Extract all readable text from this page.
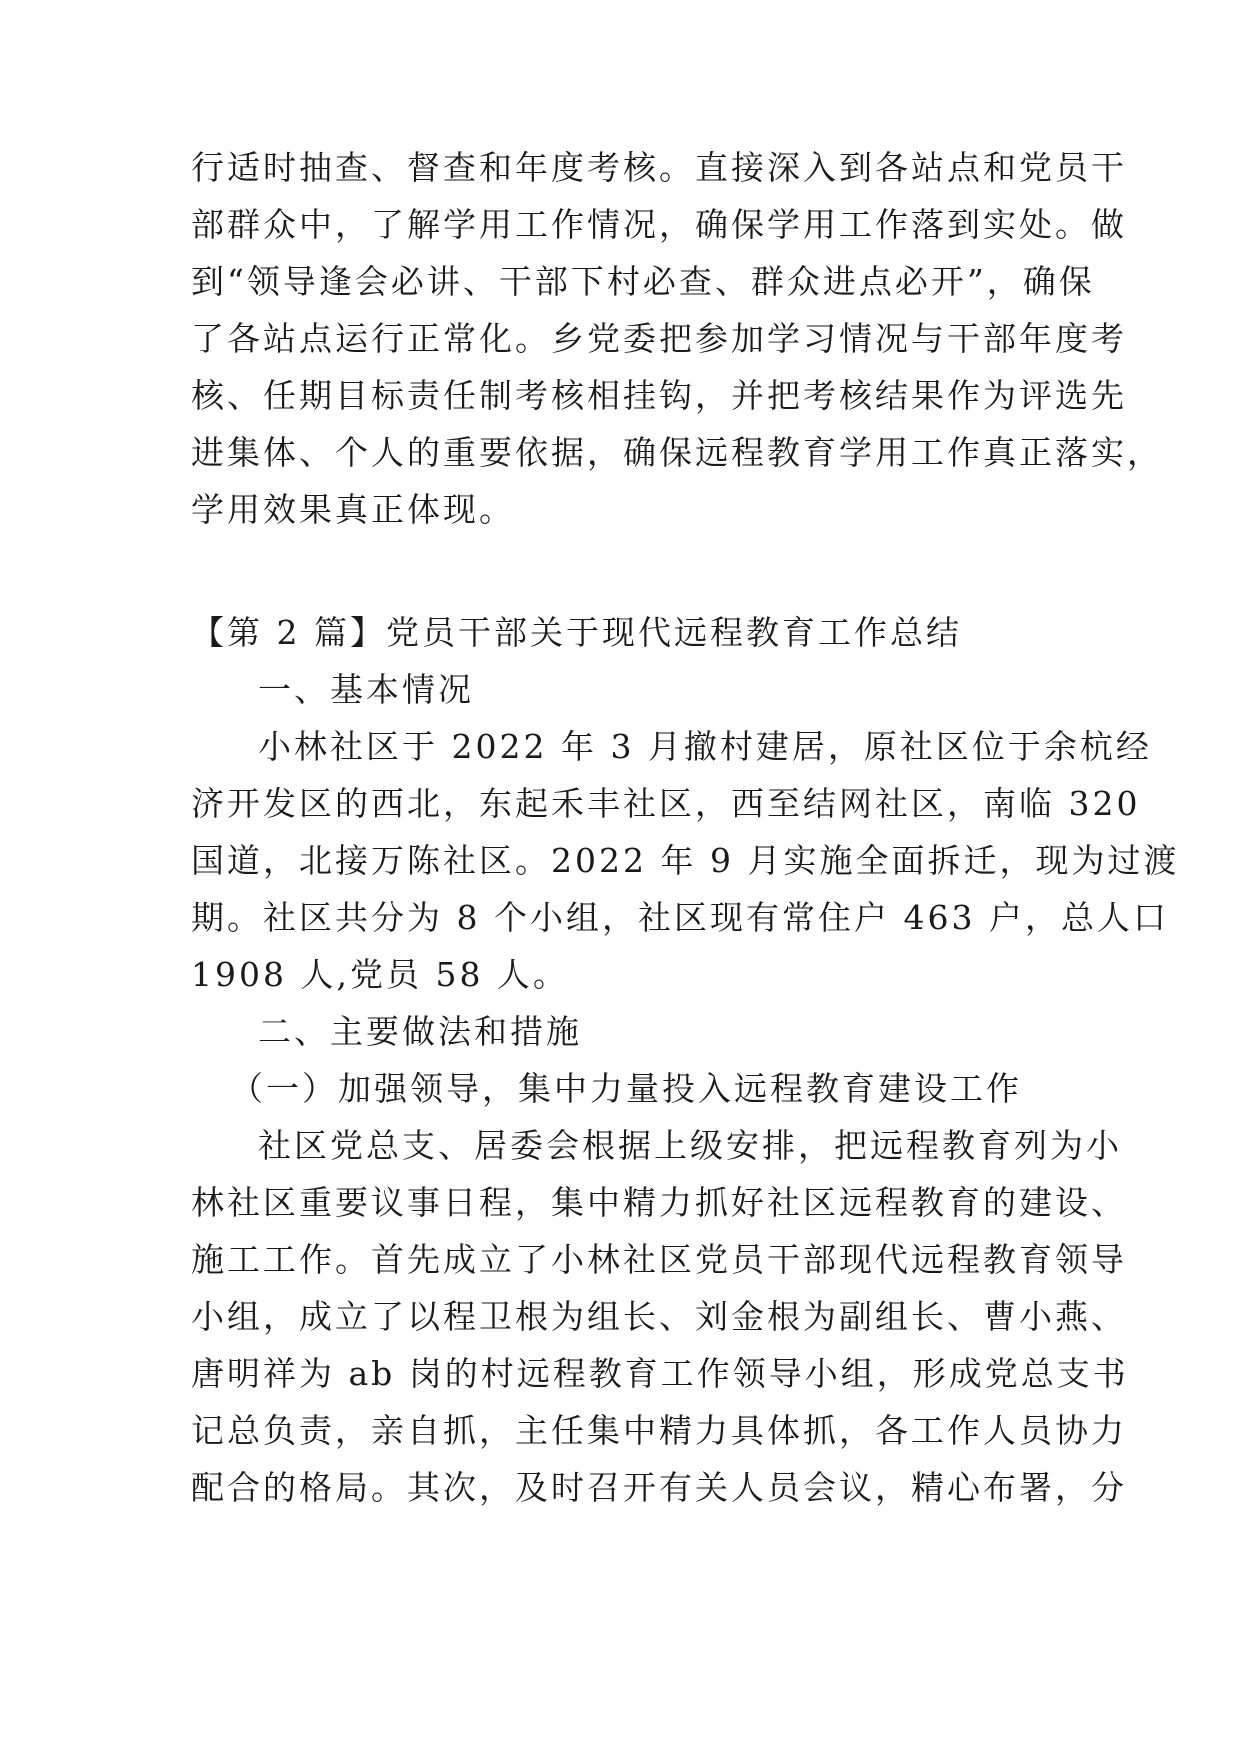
行适时抽查、督查和年度考核。直接深入到各站点和党员干
部群众中，了解学用工作情况，确保学用工作落到实处。做
到“领导逢会必讲、干部下村必查、群众进点必开”，确保
了各站点运行正常化。乡党委把参加学习情况与干部年度考
核、任期目标责任制考核相挂钩，并把考核结果作为评选先
进集体、个人的重要依据，确保远程教育学用工作真正落实，
学用效果真正体现。
【第 2 篇】党员干部关于现代远程教育工作总结
一、基本情况
小林社区于 2022 年 3 月撤村建居，原社区位于余杭经
济开发区的西北，东起禾丰社区，西至结网社区，南临 320
国道，北接万陈社区。2022 年 9 月实施全面拆迁，现为过渡
期。社区共分为 8 个小组，社区现有常住户 463 户，总人口
1908 人,党员 58 人。
二、主要做法和措施
（一）加强领导，集中力量投入远程教育建设工作
社区党总支、居委会根据上级安排，把远程教育列为小
林社区重要议事日程，集中精力抓好社区远程教育的建设、
施工工作。首先成立了小林社区党员干部现代远程教育领导
小组，成立了以程卫根为组长、刘金根为副组长、曹小燕、
唐明祥为 ab 岗的村远程教育工作领导小组，形成党总支书
记总负责，亲自抓，主任集中精力具体抓，各工作人员协力
配合的格局。其次，及时召开有关人员会议，精心布署，分
